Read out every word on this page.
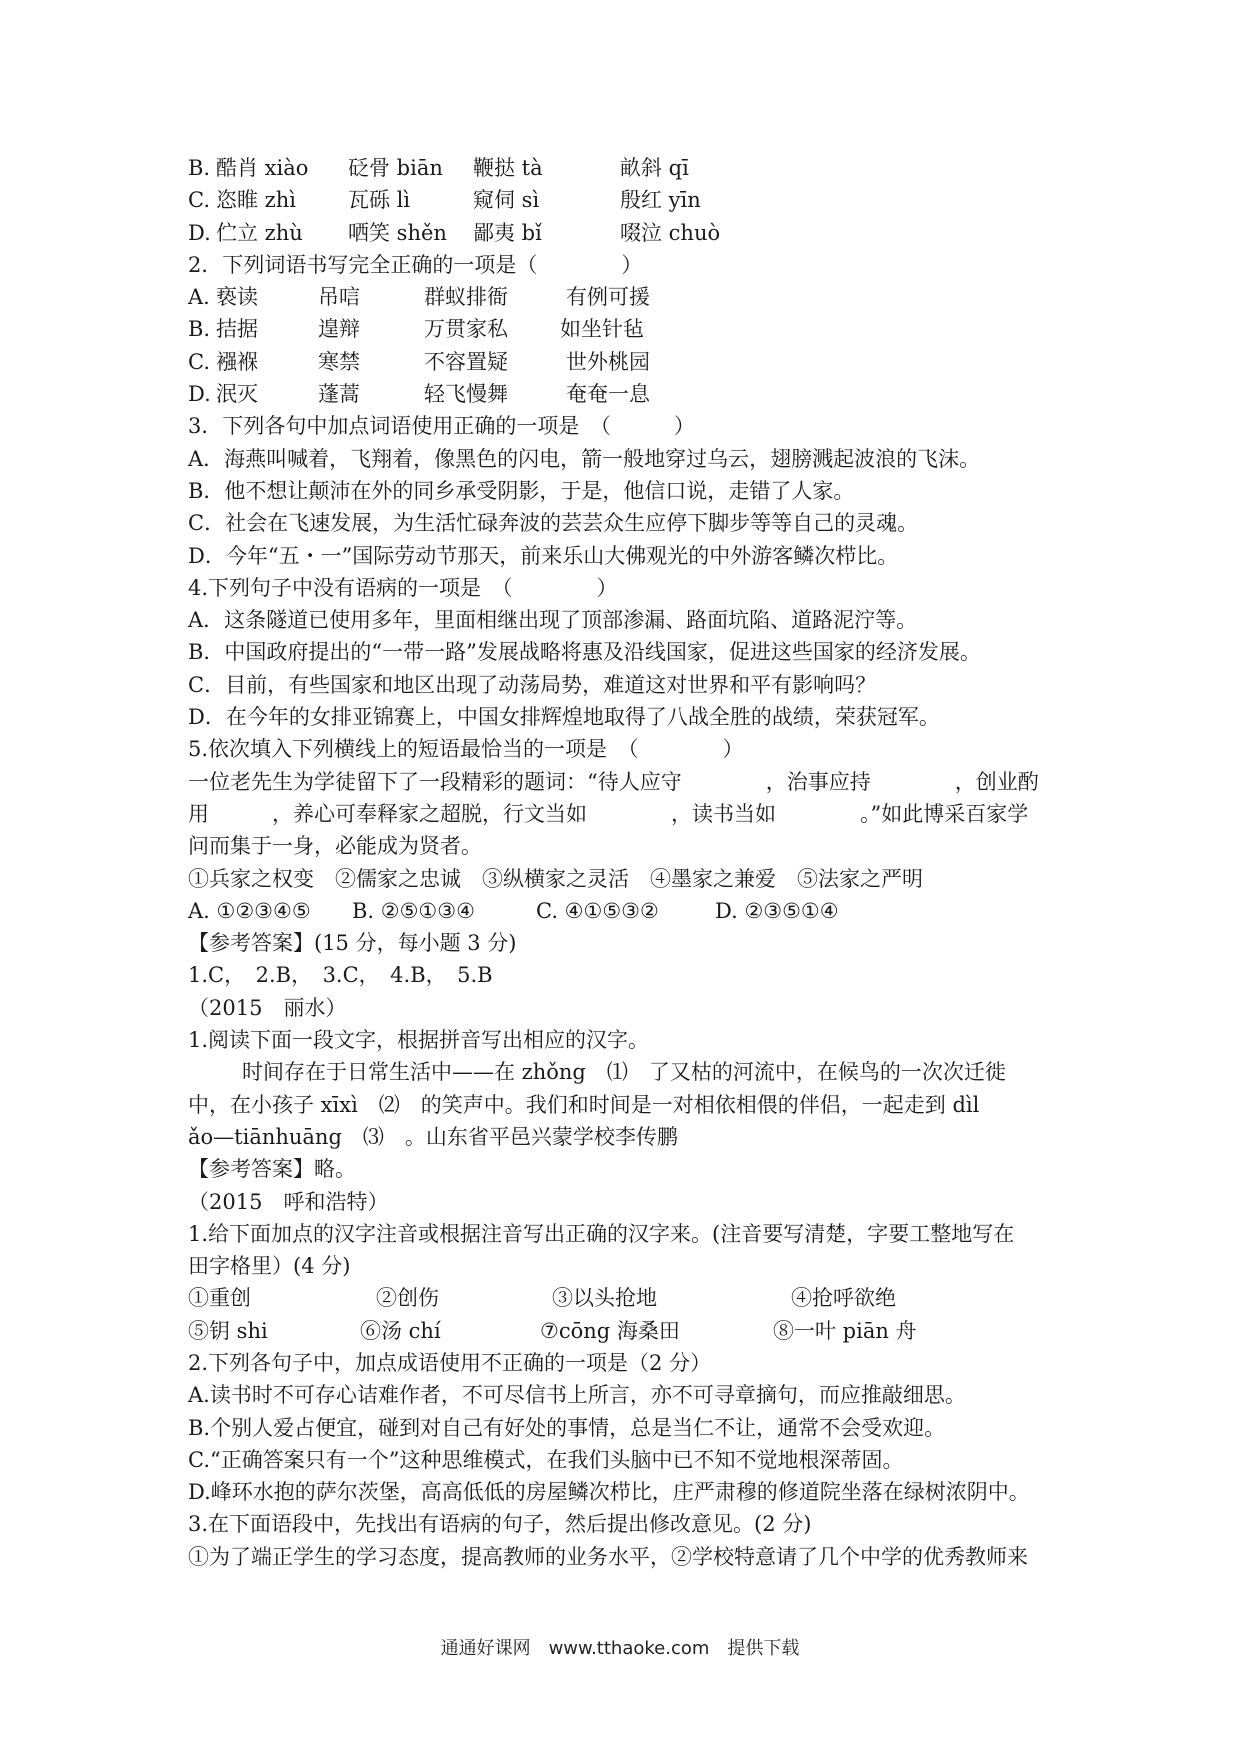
B. 酷肖 xiào 砭骨 biān 鞭挞 tà	畝斜 qī
C. 恣睢 zhì 瓦砾 lì	窥伺 sì	殷红 yīn
D. 伫立 zhù 哂笑 shěn 鄙夷 bǐ	啜泣 chuò
2．下列词语书写完全正确的一项是（　　　　）
A. 亵读	吊唁	群蚁排衙	有例可援
B. 拮据	遑辩	万贯家私 如坐针毡
C. 襁褓	寒禁	不容置疑	世外桃园
D. 泯灭	蓬蒿	轻飞慢舞	奄奄一息
3．下列各句中加点词语使用正确的一项是　（　　　）
A．海燕叫喊着，飞翔着，像黑色的闪电，箭一般地穿过乌云，翅膀溅起波浪的飞沫。
B．他不想让颠沛在外的同乡承受阴影，于是，他信口说，走错了人家。
C．社会在飞速发展，为生活忙碌奔波的芸芸众生应停下脚步等等自己的灵魂。
D．今年“五・一”国际劳动节那天，前来乐山大佛观光的中外游客鳞次栉比。
4.下列句子中没有语病的一项是　（　　　　）
A．这条隧道已使用多年，里面相继出现了顶部渗漏、路面坑陷、道路泥泞等。
B．中国政府提出的“一带一路”发展战略将惠及沿线国家，促进这些国家的经济发展。
C．目前，有些国家和地区出现了动荡局势，难道这对世界和平有影响吗？
D．在今年的女排亚锦赛上，中国女排辉煌地取得了八战全胜的战绩，荣获冠军。
5.依次填入下列横线上的短语最恰当的一项是　（　　　　）
一位老先生为学徒留下了一段精彩的题词：“待人应守　　　　，治事应持　　　　，创业酌
用　　　，养心可奉释家之超脱，行文当如　　　　，读书当如　　　　。”如此博采百家学
问而集于一身，必能成为贤者。
①兵家之权变　②儒家之忠诚　③纵横家之灵活　④墨家之兼爱　⑤法家之严明
A. ①②③④⑤ B. ②⑤①③④	C. ④①⑤③②	D. ②③⑤①④
【参考答案】(15 分，每小题 3 分)
1.C，　2.B，　3.C，　4.B，　5.B
（2015　丽水）
1.阅读下面一段文字，根据拼音写出相应的汉字。
时间存在于日常生活中——在 zhǒng　⑴　了又枯的河流中，在候鸟的一次次迁徙
中，在小孩子 xīxì　⑵　的笑声中。我们和时间是一对相依相偎的伴侣，一起走到 dìl
ǎo—tiānhuāng　⑶　。山东省平邑兴蒙学校李传鹏
【参考答案】略。
（2015　呼和浩特）
1.给下面加点的汉字注音或根据注音写出正确的汉字来。(注音要写清楚，字要工整地写在
田字格里）(4 分)
①重创	②创伤	③以头抢地	④抢呼欲绝
⑤钥 shi	⑥汤 chí	⑦cōng 海桑田	⑧一叶 piān 舟
2.下列各句子中，加点成语使用不正确的一项是（2 分）
A.读书时不可存心诘难作者，不可尽信书上所言，亦不可寻章摘句，而应推敲细思。
B.个别人爱占便宜，碰到对自己有好处的事情，总是当仁不让，通常不会受欢迎。
C.“正确答案只有一个”这种思维模式，在我们头脑中已不知不觉地根深蒂固。
D.峰环水抱的萨尔茨堡，高高低低的房屋鳞次栉比，庄严肃穆的修道院坐落在绿树浓阴中。
3.在下面语段中，先找出有语病的句子，然后提出修改意见。(2 分)
①为了端正学生的学习态度，提高教师的业务水平，②学校特意请了几个中学的优秀教师来
通通好课网　www.tthaoke.com　提供下载
